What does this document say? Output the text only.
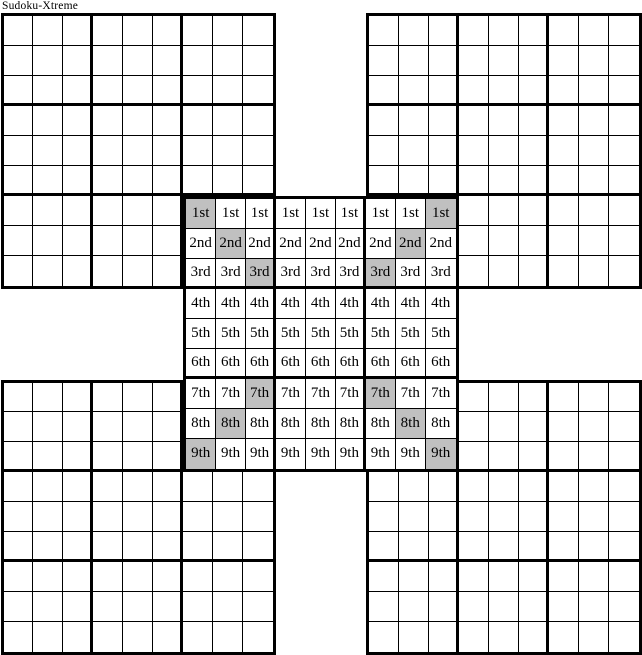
Sudoku-Xtreme
1st 1st 1st 1st 1st 1st 1st 1st 1st
2nd 2nd 2nd 2nd 2nd 2nd 2nd 2nd 2nd
3rd 3rd 3rd 3rd 3rd 3rd 3rd 3rd 3rd
4th 4th 4th 4th 4th 4th 4th 4th 4th
5th 5th 5th 5th 5th 5th 5th 5th 5th
6th 6th 6th 6th 6th 6th 6th 6th 6th
7th 7th 7th 7th 7th 7th 7th 7th 7th
8th 8th 8th 8th 8th 8th 8th 8th 8th
9th 9th 9th 9th 9th 9th 9th 9th 9th
